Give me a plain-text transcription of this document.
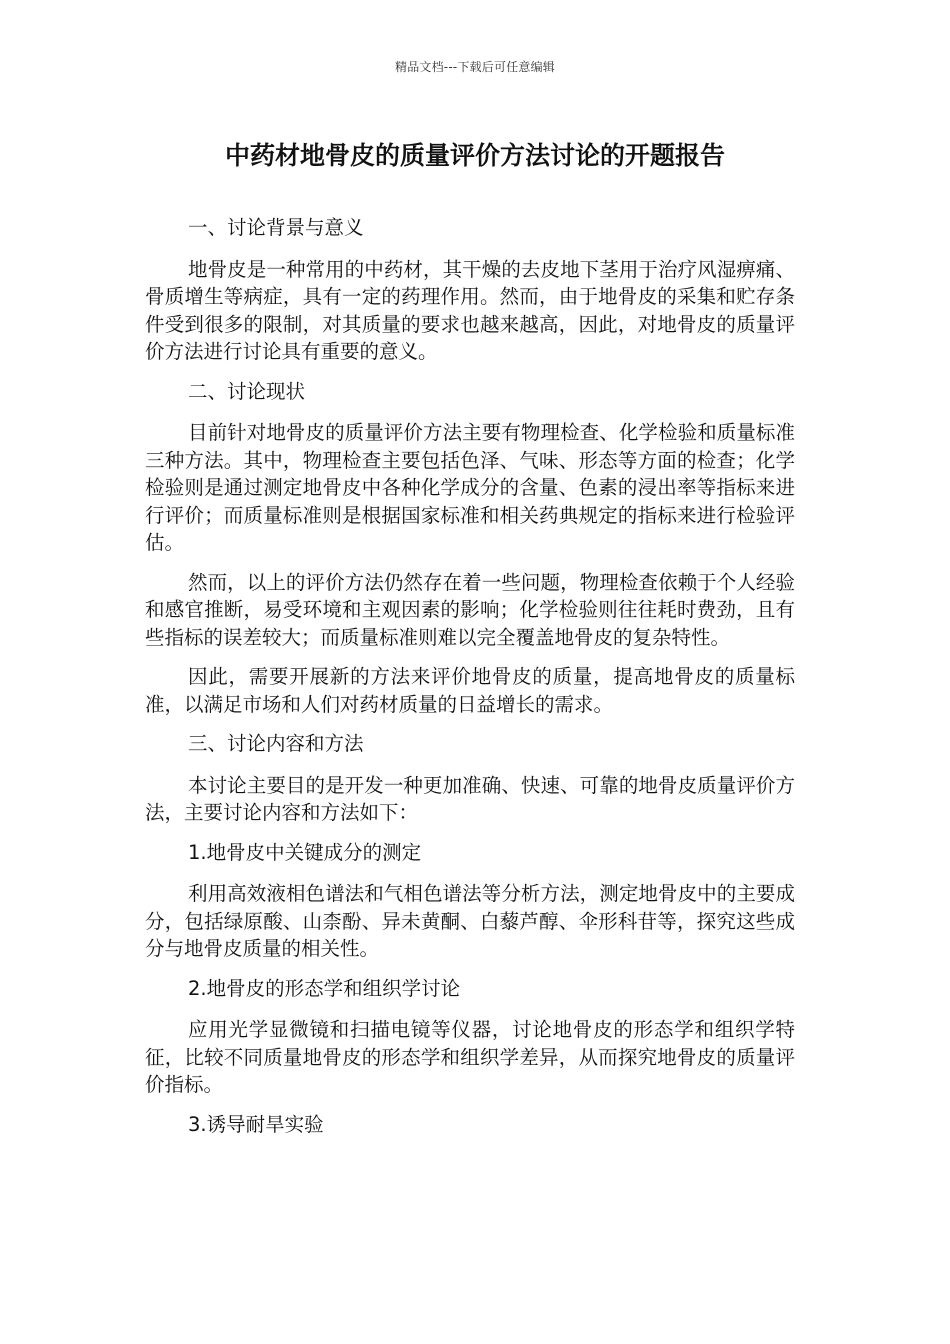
精品文档---下载后可任意编辑
中药材地骨皮的质量评价方法讨论的开题报告

一、讨论背景与意义

地骨皮是一种常用的中药材，其干燥的去皮地下茎用于治疗风湿痹痛、骨质增生等病症，具有一定的药理作用。然而，由于地骨皮的采集和贮存条件受到很多的限制，对其质量的要求也越来越高，因此，对地骨皮的质量评价方法进行讨论具有重要的意义。

二、讨论现状

目前针对地骨皮的质量评价方法主要有物理检查、化学检验和质量标准三种方法。其中，物理检查主要包括色泽、气味、形态等方面的检查；化学检验则是通过测定地骨皮中各种化学成分的含量、色素的浸出率等指标来进行评价；而质量标准则是根据国家标准和相关药典规定的指标来进行检验评估。

然而，以上的评价方法仍然存在着一些问题，物理检查依赖于个人经验和感官推断，易受环境和主观因素的影响；化学检验则往往耗时费劲，且有些指标的误差较大；而质量标准则难以完全覆盖地骨皮的复杂特性。

因此，需要开展新的方法来评价地骨皮的质量，提高地骨皮的质量标准，以满足市场和人们对药材质量的日益增长的需求。

三、讨论内容和方法

本讨论主要目的是开发一种更加准确、快速、可靠的地骨皮质量评价方法，主要讨论内容和方法如下：

1.地骨皮中关键成分的测定

利用高效液相色谱法和气相色谱法等分析方法，测定地骨皮中的主要成分，包括绿原酸、山柰酚、异未黄酮、白藜芦醇、伞形科苷等，探究这些成分与地骨皮质量的相关性。

2.地骨皮的形态学和组织学讨论

应用光学显微镜和扫描电镜等仪器，讨论地骨皮的形态学和组织学特征，比较不同质量地骨皮的形态学和组织学差异，从而探究地骨皮的质量评价指标。

3.诱导耐旱实验
